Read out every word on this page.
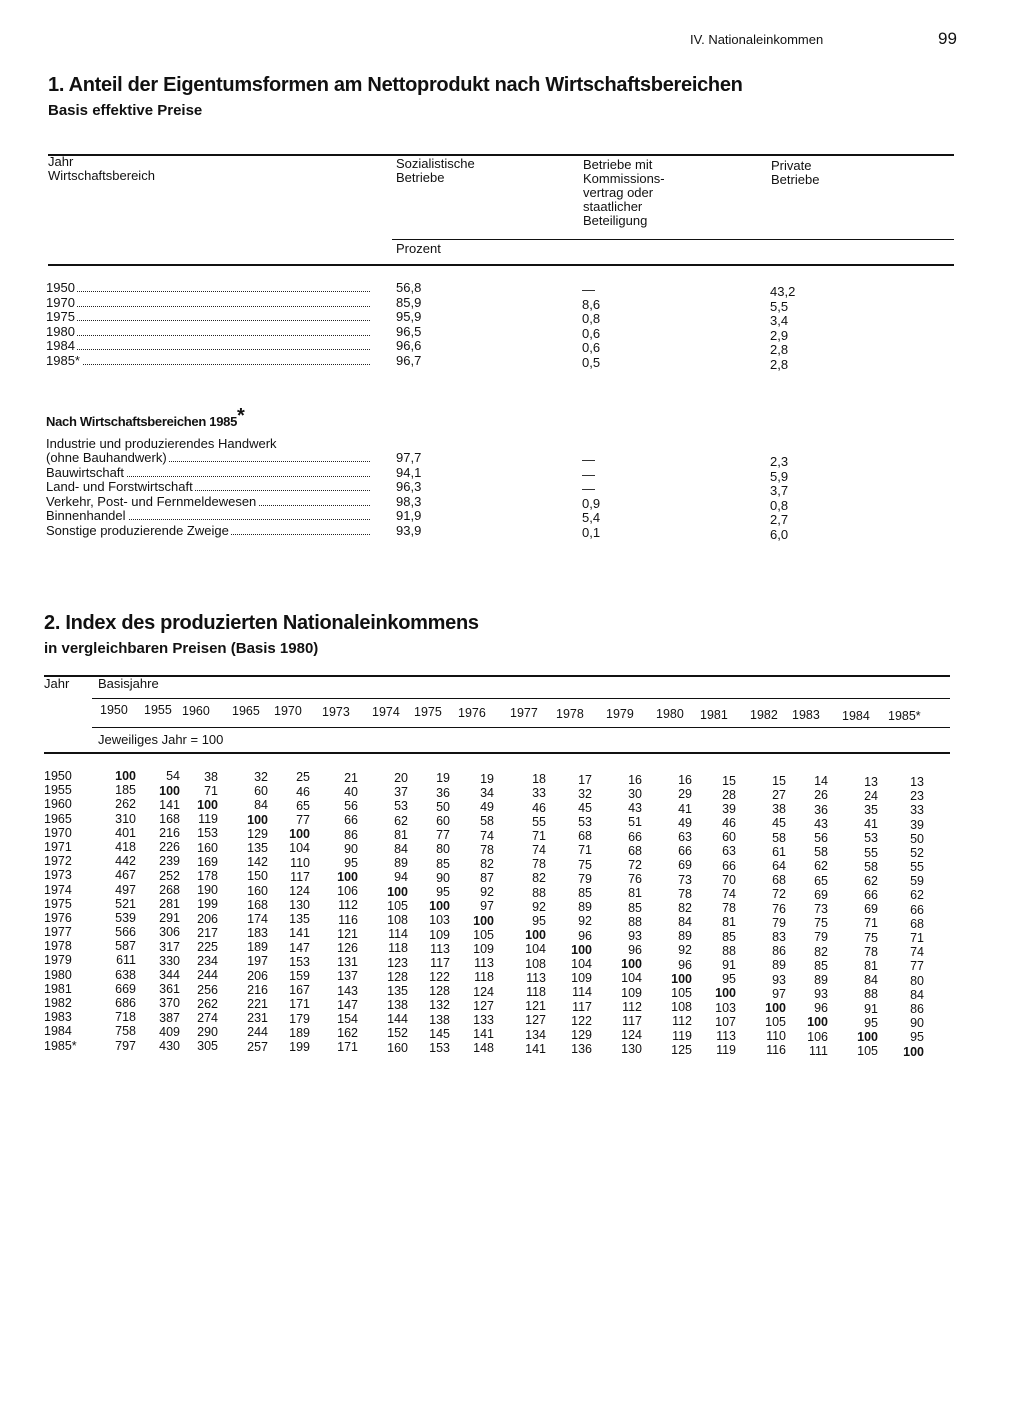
IV. Nationaleinkommen	99
1. Anteil der Eigentumsformen am Nettoprodukt nach Wirtschaftsbereichen
Basis effektive Preise
Jahr
Wirtschaftsbereich
Sozialistische
Betriebe
Betriebe mit
Kommissions-
vertrag oder
staatlicher
Beteiligung
Private
Betriebe
Prozent
1950	56,8	—	43,2
1970	85,9	8,6	5,5
1975	95,9	0,8	3,4
1980	96,5	0,6	2,9
1984	96,6	0,6	2,8
1985*	96,7	0,5	2,8
Nach Wirtschaftsbereichen 1985*
Industrie und produzierendes Handwerk
(ohne Bauhandwerk)	97,7	—	2,3
Bauwirtschaft	94,1	—	5,9
Land- und Forstwirtschaft	96,3	—	3,7
Verkehr, Post- und Fernmeldewesen	98,3	0,9	0,8
Binnenhandel	91,9	5,4	2,7
Sonstige produzierende Zweige	93,9	0,1	6,0
2. Index des produzierten Nationaleinkommens
in vergleichbaren Preisen (Basis 1980)
Jahr Basisjahre
1950 1955 1960 1965 1970 1973 1974 1975 1976 1977 1978 1979 1980 1981 1982 1983 1984 1985*
Jeweiliges Jahr = 100
1950	100	54	38	32	25	21	20	19	19	18	17	16	16	15	15	14	13	13
1955	185	100	71	60	46	40	37	36	34	33	32	30	29	28	27	26	24	23
1960	262	141	100	84	65	56	53	50	49	46	45	43	41	39	38	36	35	33
1965	310	168	119	100	77	66	62	60	58	55	53	51	49	46	45	43	41	39
1970	401	216	153	129	100	86	81	77	74	71	68	66	63	60	58	56	53	50
1971	418	226	160	135	104	90	84	80	78	74	71	68	66	63	61	58	55	52
1972	442	239	169	142	110	95	89	85	82	78	75	72	69	66	64	62	58	55
1973	467	252	178	150	117	100	94	90	87	82	79	76	73	70	68	65	62	59
1974	497	268	190	160	124	106	100	95	92	88	85	81	78	74	72	69	66	62
1975	521	281	199	168	130	112	105	100	97	92	89	85	82	78	76	73	69	66
1976	539	291	206	174	135	116	108	103	100	95	92	88	84	81	79	75	71	68
1977	566	306	217	183	141	121	114	109	105	100	96	93	89	85	83	79	75	71
1978	587	317	225	189	147	126	118	113	109	104	100	96	92	88	86	82	78	74
1979	611	330	234	197	153	131	123	117	113	108	104	100	96	91	89	85	81	77
1980	638	344	244	206	159	137	128	122	118	113	109	104	100	95	93	89	84	80
1981	669	361	256	216	167	143	135	128	124	118	114	109	105	100	97	93	88	84
1982	686	370	262	221	171	147	138	132	127	121	117	112	108	103	100	96	91	86
1983	718	387	274	231	179	154	144	138	133	127	122	117	112	107	105	100	95	90
1984	758	409	290	244	189	162	152	145	141	134	129	124	119	113	110	106	100	95
1985*	797	430	305	257	199	171	160	153	148	141	136	130	125	119	116	111	105	100
